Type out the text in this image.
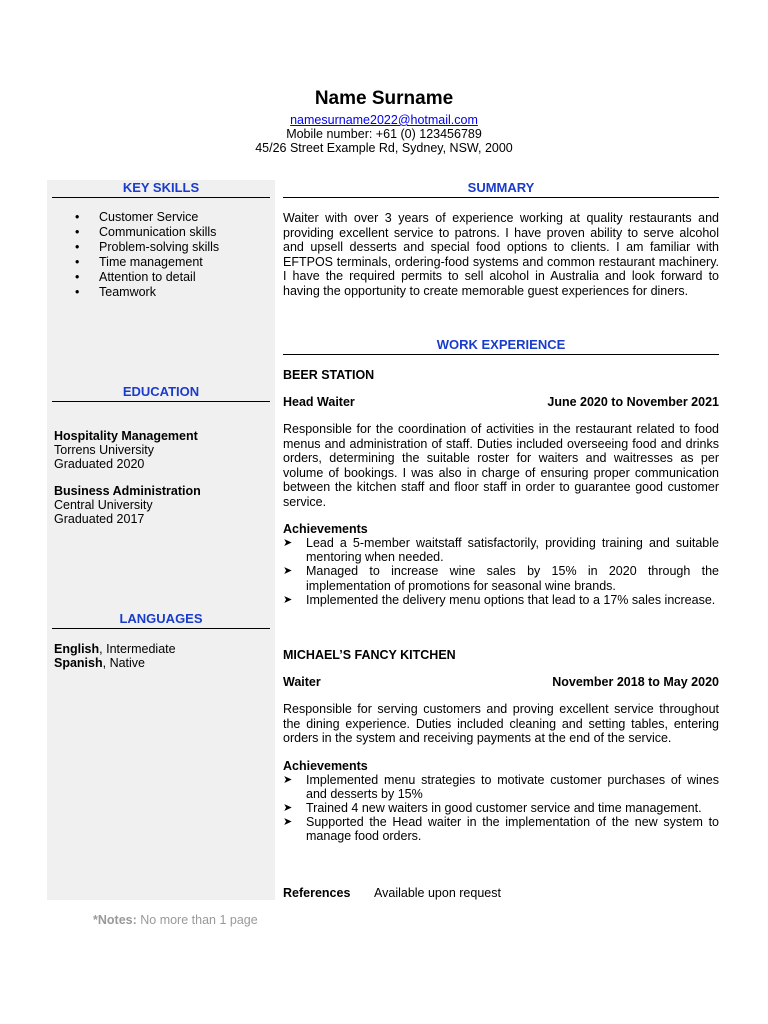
Name Surname
namesurname2022@hotmail.com
Mobile number: +61 (0) 123456789
45/26 Street Example Rd, Sydney, NSW, 2000
KEY SKILLS
• Customer Service
• Communication skills
• Problem-solving skills
• Time management
• Attention to detail
• Teamwork
EDUCATION
Hospitality Management
Torrens University
Graduated 2020
Business Administration
Central University
Graduated 2017
LANGUAGES
English, Intermediate
Spanish, Native
SUMMARY

Waiter with over 3 years of experience working at quality restaurants and providing excellent service to patrons. I have proven ability to serve alcohol and upsell desserts and special food options to clients. I am familiar with EFTPOS terminals, ordering-food systems and common restaurant machinery. I have the required permits to sell alcohol in Australia and look forward to having the opportunity to create memorable guest experiences for diners.

WORK EXPERIENCE
BEER STATION
Head Waiter	June 2020 to November 2021

Responsible for the coordination of activities in the restaurant related to food menus and administration of staff. Duties included overseeing food and drinks orders, determining the suitable roster for waiters and waitresses as per volume of bookings. I was also in charge of ensuring proper communication between the kitchen staff and floor staff in order to guarantee good customer service.

Achievements
➤ Lead a 5-member waitstaff satisfactorily, providing training and suitable mentoring when needed.
➤ Managed to increase wine sales by 15% in 2020 through the implementation of promotions for seasonal wine brands.
➤ Implemented the delivery menu options that lead to a 17% sales increase.
MICHAEL’S FANCY KITCHEN
Waiter	November 2018 to May 2020

Responsible for serving customers and proving excellent service throughout the dining experience. Duties included cleaning and setting tables, entering orders in the system and receiving payments at the end of the service.

Achievements
➤ Implemented menu strategies to motivate customer purchases of wines and desserts by 15%
➤ Trained 4 new waiters in good customer service and time management.
➤ Supported the Head waiter in the implementation of the new system to manage food orders.
References Available upon request
*Notes: No more than 1 page
